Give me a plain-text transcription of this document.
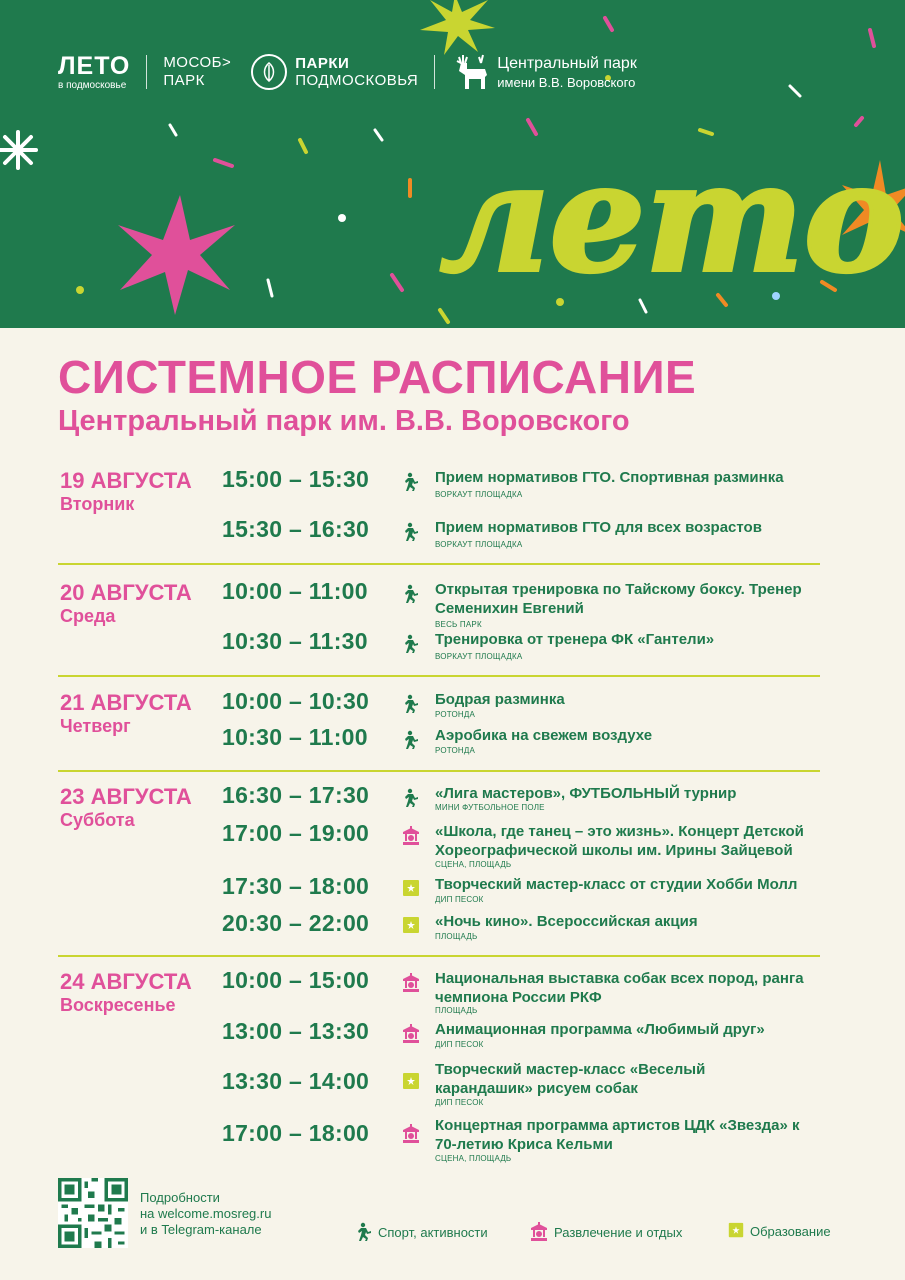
ЛЕТО
в подмосковье
МОСОБ>
ПАРК
ПАРКИ
ПОДМОСКОВЬЯ
Центральный парк
имени В.В. Воровского
лето
СИСТЕМНОЕ РАСПИСАНИЕ
Центральный парк им. В.В. Воровского
19 АВГУСТА
Вторник
15:00 – 15:30	Прием нормативов ГТО. Спортивная разминка
ВОРКАУТ ПЛОЩАДКА
15:30 – 16:30	Прием нормативов ГТО для всех возрастов
ВОРКАУТ ПЛОЩАДКА
20 АВГУСТА
Среда
10:00 – 11:00	Открытая тренировка по Тайскому боксу. Тренер Семенихин Евгений
ВЕСЬ ПАРК
10:30 – 11:30	Тренировка от тренера ФК «Гантели»
ВОРКАУТ ПЛОЩАДКА
21 АВГУСТА
Четверг
10:00 – 10:30	Бодрая разминка
РОТОНДА
10:30 – 11:00	Аэробика на свежем воздухе
РОТОНДА
23 АВГУСТА
Суббота
16:30 – 17:30	«Лига мастеров», ФУТБОЛЬНЫЙ турнир
МИНИ ФУТБОЛЬНОЕ ПОЛЕ
17:00 – 19:00	«Школа, где танец – это жизнь». Концерт Детской Хореографической школы им. Ирины Зайцевой
СЦЕНА, ПЛОЩАДЬ
17:30 – 18:00	Творческий мастер-класс от студии Хобби Молл
ДИП ПЕСОК
20:30 – 22:00	«Ночь кино». Всероссийская акция
ПЛОЩАДЬ
24 АВГУСТА
Воскресенье
10:00 – 15:00	Национальная выставка собак всех пород, ранга чемпиона России РКФ
ПЛОЩАДЬ
13:00 – 13:30	Анимационная программа «Любимый друг»
ДИП ПЕСОК
13:30 – 14:00	Творческий мастер-класс «Веселый карандашик» рисуем собак
ДИП ПЕСОК
17:00 – 18:00	Концертная программа артистов ЦДК «Звезда» к 70-летию Криса Кельми
СЦЕНА, ПЛОЩАДЬ
Подробности
на welcome.mosreg.ru
и в Telegram-канале	Спорт, активности	Развлечение и отдых	Образование
